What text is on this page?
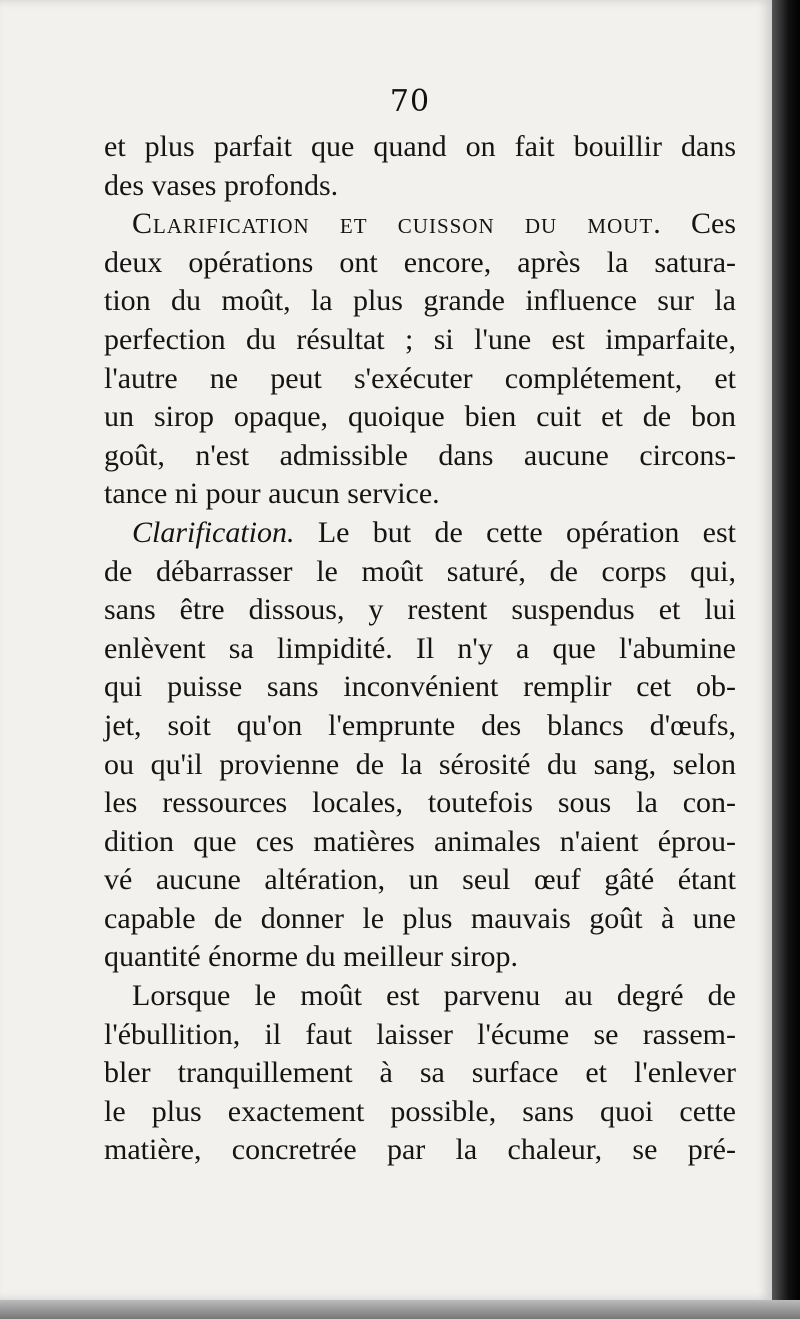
70
et plus parfait que quand on fait bouillir dans
des vases profonds.
Clarification et cuisson du mout. Ces
deux opérations ont encore, après la satura-
tion du moût, la plus grande influence sur la
perfection du résultat ; si l'une est imparfaite,
l'autre ne peut s'exécuter complétement, et
un sirop opaque, quoique bien cuit et de bon
goût, n'est admissible dans aucune circons-
tance ni pour aucun service.
Clarification. Le but de cette opération est
de débarrasser le moût saturé, de corps qui,
sans être dissous, y restent suspendus et lui
enlèvent sa limpidité. Il n'y a que l'abumine
qui puisse sans inconvénient remplir cet ob-
jet, soit qu'on l'emprunte des blancs d'œufs,
ou qu'il provienne de la sérosité du sang, selon
les ressources locales, toutefois sous la con-
dition que ces matières animales n'aient éprou-
vé aucune altération, un seul œuf gâté étant
capable de donner le plus mauvais goût à une
quantité énorme du meilleur sirop.
Lorsque le moût est parvenu au degré de
l'ébullition, il faut laisser l'écume se rassem-
bler tranquillement à sa surface et l'enlever
le plus exactement possible, sans quoi cette
matière, concretrée par la chaleur, se pré-
